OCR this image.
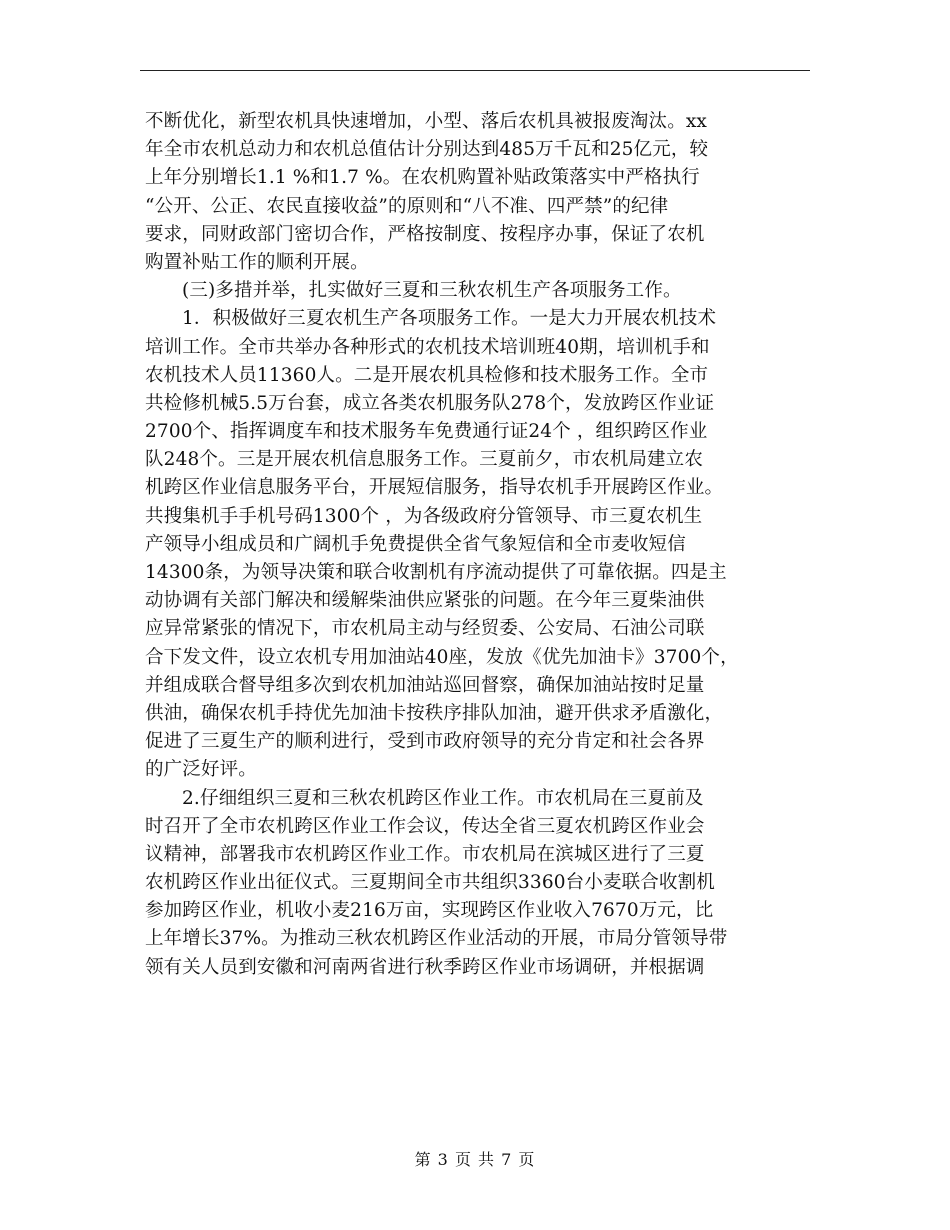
不断优化，新型农机具快速增加，小型、落后农机具被报废淘汰。xx
年全市农机总动力和农机总值估计分别达到485万千瓦和25亿元，较
上年分别增长1.1 %和1.7 %。在农机购置补贴政策落实中严格执行
“公开、公正、农民直接收益”的原则和“八不准、四严禁”的纪律
要求，同财政部门密切合作，严格按制度、按程序办事，保证了农机
购置补贴工作的顺利开展。
(三)多措并举，扎实做好三夏和三秋农机生产各项服务工作。
1．积极做好三夏农机生产各项服务工作。一是大力开展农机技术
培训工作。全市共举办各种形式的农机技术培训班40期，培训机手和
农机技术人员11360人。二是开展农机具检修和技术服务工作。全市
共检修机械5.5万台套，成立各类农机服务队278个，发放跨区作业证
2700个、指挥调度车和技术服务车免费通行证24个 ，组织跨区作业
队248个。三是开展农机信息服务工作。三夏前夕，市农机局建立农
机跨区作业信息服务平台，开展短信服务，指导农机手开展跨区作业。
共搜集机手手机号码1300个 ，为各级政府分管领导、市三夏农机生
产领导小组成员和广阔机手免费提供全省气象短信和全市麦收短信
14300条，为领导决策和联合收割机有序流动提供了可靠依据。四是主
动协调有关部门解决和缓解柴油供应紧张的问题。在今年三夏柴油供
应异常紧张的情况下，市农机局主动与经贸委、公安局、石油公司联
合下发文件，设立农机专用加油站40座，发放《优先加油卡》3700个，
并组成联合督导组多次到农机加油站巡回督察，确保加油站按时足量
供油，确保农机手持优先加油卡按秩序排队加油，避开供求矛盾激化，
促进了三夏生产的顺利进行，受到市政府领导的充分肯定和社会各界
的广泛好评。
2.仔细组织三夏和三秋农机跨区作业工作。市农机局在三夏前及
时召开了全市农机跨区作业工作会议，传达全省三夏农机跨区作业会
议精神，部署我市农机跨区作业工作。市农机局在滨城区进行了三夏
农机跨区作业出征仪式。三夏期间全市共组织3360台小麦联合收割机
参加跨区作业，机收小麦216万亩，实现跨区作业收入7670万元，比
上年增长37%。为推动三秋农机跨区作业活动的开展，市局分管领导带
领有关人员到安徽和河南两省进行秋季跨区作业市场调研，并根据调
第 3 页 共 7 页
